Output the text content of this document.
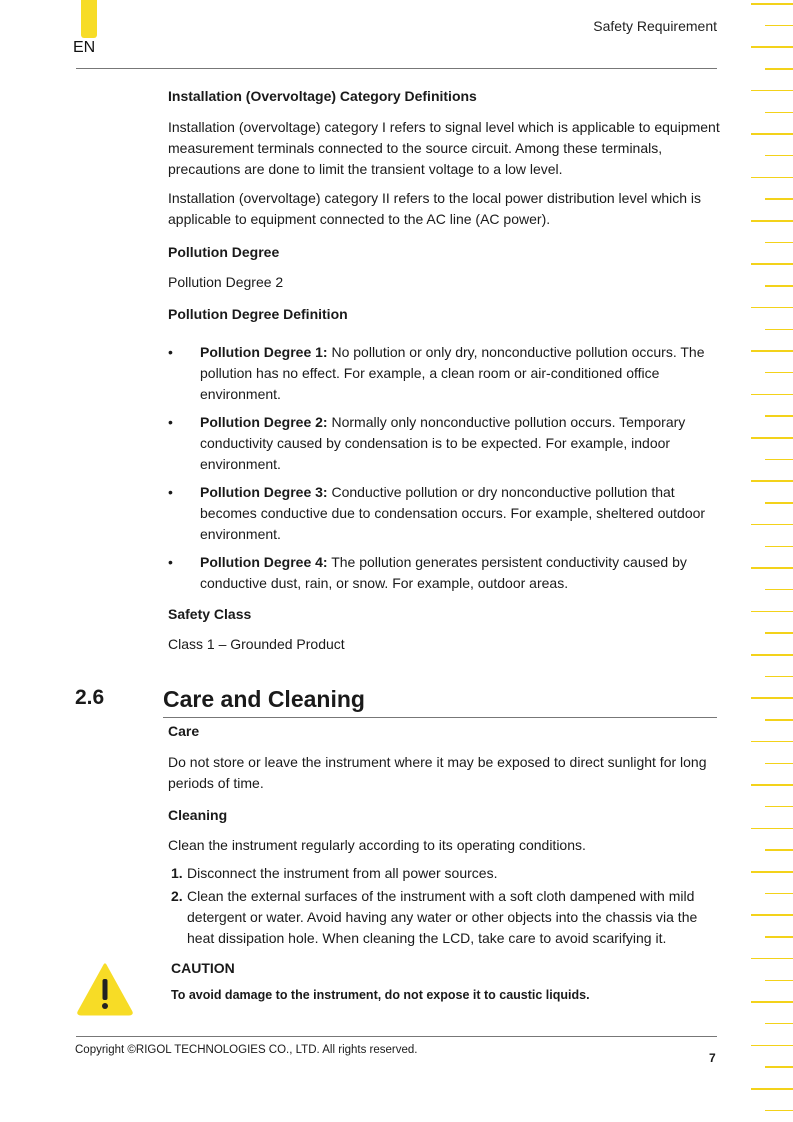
EN
Safety Requirement
Installation (Overvoltage) Category Definitions

Installation (overvoltage) category I refers to signal level which is applicable to equipment measurement terminals connected to the source circuit. Among these terminals, precautions are done to limit the transient voltage to a low level.

Installation (overvoltage) category II refers to the local power distribution level which is applicable to equipment connected to the AC line (AC power).

Pollution Degree

Pollution Degree 2

Pollution Degree Definition
• Pollution Degree 1: No pollution or only dry, nonconductive pollution occurs. The pollution has no effect. For example, a clean room or air-conditioned office environment.
• Pollution Degree 2: Normally only nonconductive pollution occurs. Temporary conductivity caused by condensation is to be expected. For example, indoor environment.
• Pollution Degree 3: Conductive pollution or dry nonconductive pollution that becomes conductive due to condensation occurs. For example, sheltered outdoor environment.
• Pollution Degree 4: The pollution generates persistent conductivity caused by conductive dust, rain, or snow. For example, outdoor areas.
Safety Class

Class 1 – Grounded Product

2.6	Care and Cleaning
Care

Do not store or leave the instrument where it may be exposed to direct sunlight for long periods of time.

Cleaning

Clean the instrument regularly according to its operating conditions.

1. Disconnect the instrument from all power sources.
2. Clean the external surfaces of the instrument with a soft cloth dampened with mild detergent or water. Avoid having any water or other objects into the chassis via the heat dissipation hole. When cleaning the LCD, take care to avoid scarifying it.
CAUTION
To avoid damage to the instrument, do not expose it to caustic liquids.
Copyright ©RIGOL TECHNOLOGIES CO., LTD. All rights reserved.
7
